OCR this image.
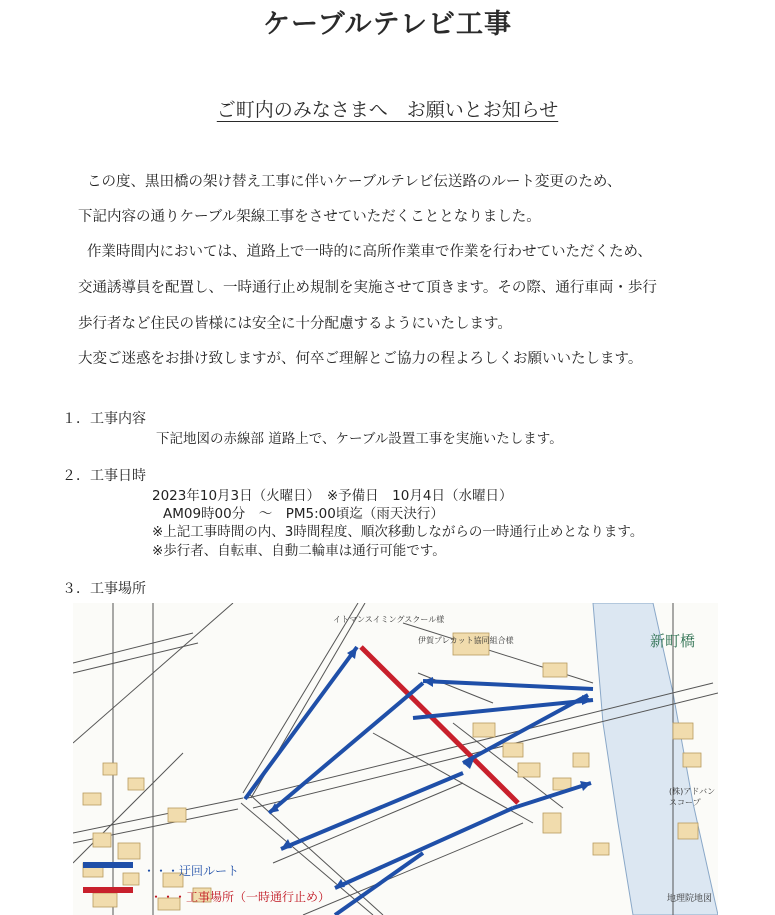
ケーブルテレビ工事
ご町内のみなさまへ　お願いとお知らせ
この度、黒田橋の架け替え工事に伴いケーブルテレビ伝送路のルート変更のため、
下記内容の通りケーブル架線工事をさせていただくこととなりました。
作業時間内においては、道路上で一時的に高所作業車で作業を行わせていただくため、
交通誘導員を配置し、一時通行止め規制を実施させて頂きます。その際、通行車両・歩行
歩行者など住民の皆様には安全に十分配慮するようにいたします。
大変ご迷惑をお掛け致しますが、何卒ご理解とご協力の程よろしくお願いいたします。
１．工事内容
下記地図の赤線部 道路上で、ケーブル設置工事を実施いたします。
２．工事日時
2023年10月3日（火曜日）　※予備日　10月4日（水曜日）
AM09時00分　～　PM5:00頃迄（雨天決行）
※上記工事時間の内、3時間程度、順次移動しながらの一時通行止めとなります。
※歩行者、自転車、自動二輪車は通行可能です。
３．工事場所
新町橋
イトマンスイミングスクール様
伊賀プレカット協同組合様
(株)アドバンスコープ
地理院地図
・・・迂回ルート
・・・工事場所（一時通行止め）
